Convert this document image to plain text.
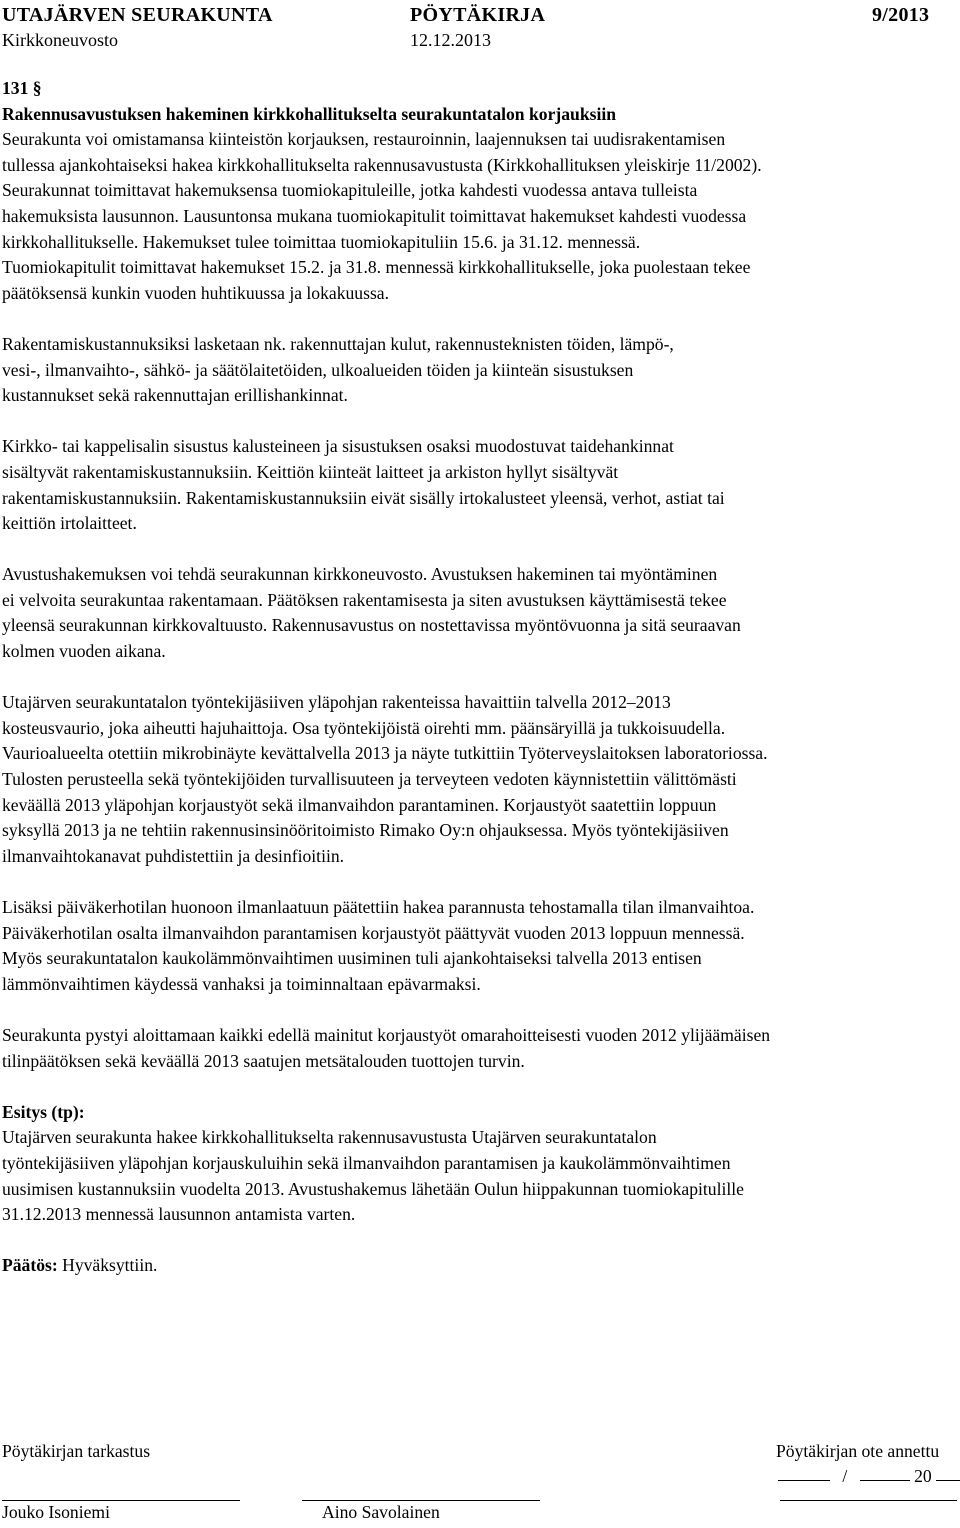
UTAJÄRVEN SEURAKUNTA	PÖYTÄKIRJA	9/2013
Kirkkoneuvosto	12.12.2013

131 §

Rakennusavustuksen hakeminen kirkkohallitukselta seurakuntatalon korjauksiin

Seurakunta voi omistamansa kiinteistön korjauksen, restauroinnin, laajennuksen tai uudisrakentamisen
tullessa ajankohtaiseksi hakea kirkkohallitukselta rakennusavustusta (Kirkkohallituksen yleiskirje 11/2002).
Seurakunnat toimittavat hakemuksensa tuomiokapituleille, jotka kahdesti vuodessa antava tulleista
hakemuksista lausunnon. Lausuntonsa mukana tuomiokapitulit toimittavat hakemukset kahdesti vuodessa
kirkkohallitukselle. Hakemukset tulee toimittaa tuomiokapituliin 15.6. ja 31.12. mennessä.
Tuomiokapitulit toimittavat hakemukset 15.2. ja 31.8. mennessä kirkkohallitukselle, joka puolestaan tekee
päätöksensä kunkin vuoden huhtikuussa ja lokakuussa.
Rakentamiskustannuksiksi lasketaan nk. rakennuttajan kulut, rakennusteknisten töiden, lämpö-,
vesi-, ilmanvaihto-, sähkö- ja säätölaitetöiden, ulkoalueiden töiden ja kiinteän sisustuksen
kustannukset sekä rakennuttajan erillishankinnat.
Kirkko- tai kappelisalin sisustus kalusteineen ja sisustuksen osaksi muodostuvat taidehankinnat
sisältyvät rakentamiskustannuksiin. Keittiön kiinteät laitteet ja arkiston hyllyt sisältyvät
rakentamiskustannuksiin. Rakentamiskustannuksiin eivät sisälly irtokalusteet yleensä, verhot, astiat tai
keittiön irtolaitteet.
Avustushakemuksen voi tehdä seurakunnan kirkkoneuvosto. Avustuksen hakeminen tai myöntäminen
ei velvoita seurakuntaa rakentamaan. Päätöksen rakentamisesta ja siten avustuksen käyttämisestä tekee
yleensä seurakunnan kirkkovaltuusto. Rakennusavustus on nostettavissa myöntövuonna ja sitä seuraavan
kolmen vuoden aikana.
Utajärven seurakuntatalon työntekijäsiiven yläpohjan rakenteissa havaittiin talvella 2012–2013
kosteusvaurio, joka aiheutti hajuhaittoja. Osa työntekijöistä oirehti mm. päänsäryillä ja tukkoisuudella.
Vaurioalueelta otettiin mikrobinäyte kevättalvella 2013 ja näyte tutkittiin Työterveyslaitoksen laboratoriossa.
Tulosten perusteella sekä työntekijöiden turvallisuuteen ja terveyteen vedoten käynnistettiin välittömästi
keväällä 2013 yläpohjan korjaustyöt sekä ilmanvaihdon parantaminen. Korjaustyöt saatettiin loppuun
syksyllä 2013 ja ne tehtiin rakennusinsinööritoimisto Rimako Oy:n ohjauksessa. Myös työntekijäsiiven
ilmanvaihtokanavat puhdistettiin ja desinfioitiin.
Lisäksi päiväkerhotilan huonoon ilmanlaatuun päätettiin hakea parannusta tehostamalla tilan ilmanvaihtoa.
Päiväkerhotilan osalta ilmanvaihdon parantamisen korjaustyöt päättyvät vuoden 2013 loppuun mennessä.
Myös seurakuntatalon kaukolämmönvaihtimen uusiminen tuli ajankohtaiseksi talvella 2013 entisen
lämmönvaihtimen käydessä vanhaksi ja toiminnaltaan epävarmaksi.
Seurakunta pystyi aloittamaan kaikki edellä mainitut korjaustyöt omarahoitteisesti vuoden 2012 ylijäämäisen
tilinpäätöksen sekä keväällä 2013 saatujen metsätalouden tuottojen turvin.

Esitys (tp):

Utajärven seurakunta hakee kirkkohallitukselta rakennusavustusta Utajärven seurakuntatalon
työntekijäsiiven yläpohjan korjauskuluihin sekä ilmanvaihdon parantamisen ja kaukolämmönvaihtimen
uusimisen kustannuksiin vuodelta 2013. Avustushakemus lähetään Oulun hiippakunnan tuomiokapitulille
31.12.2013 mennessä lausunnon antamista varten.

Päätös: Hyväksyttiin.

Pöytäkirjan tarkastus	Pöytäkirjan ote annettu
/	20
Jouko Isoniemi	Aino Savolainen
